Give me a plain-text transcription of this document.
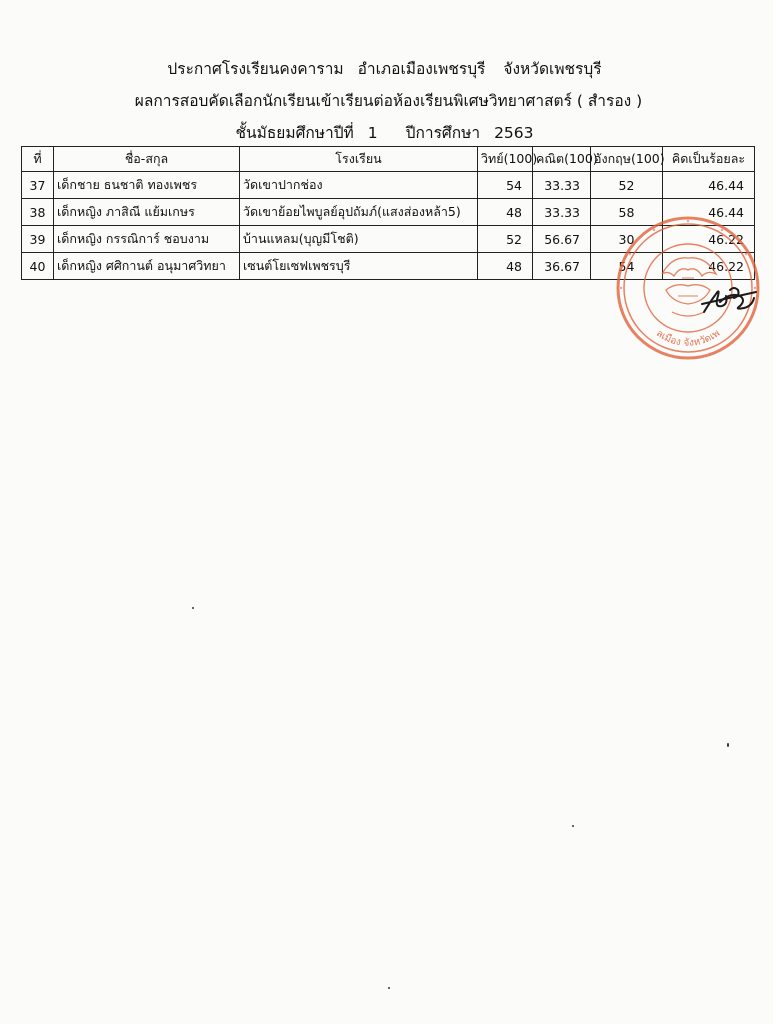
ประกาศโรงเรียนคงคาราม อำเภอเมืองเพชรบุรี จังหวัดเพชรบุรี
ผลการสอบคัดเลือกนักเรียนเข้าเรียนต่อห้องเรียนพิเศษวิทยาศาสตร์ ( สำรอง )
ชั้นมัธยมศึกษาปีที่ 1 ปีการศึกษา 2563
ที่	ชื่อ-สกุล	โรงเรียน	วิทย์(100)	คณิต(100)	อังกฤษ(100)	คิดเป็นร้อยละ
37	เด็กชาย ธนชาติ ทองเพชร	วัดเขาปากช่อง	54	33.33	52	46.44
38	เด็กหญิง ภาสิณี แย้มเกษร	วัดเขาย้อยไพบูลย์อุปถัมภ์(แสงส่องหล้า5)	48	33.33	58	46.44
39	เด็กหญิง กรรณิการ์ ชอบงาม	บ้านแหลม(บุญมีโชติ)	52	56.67	30	46.22
40	เด็กหญิง ศศิกานต์ อนุมาศวิทยา	เซนต์โยเซฟเพชรบุรี	48	36.67	54	46.22
ลเมือง จังหวัดเพ
